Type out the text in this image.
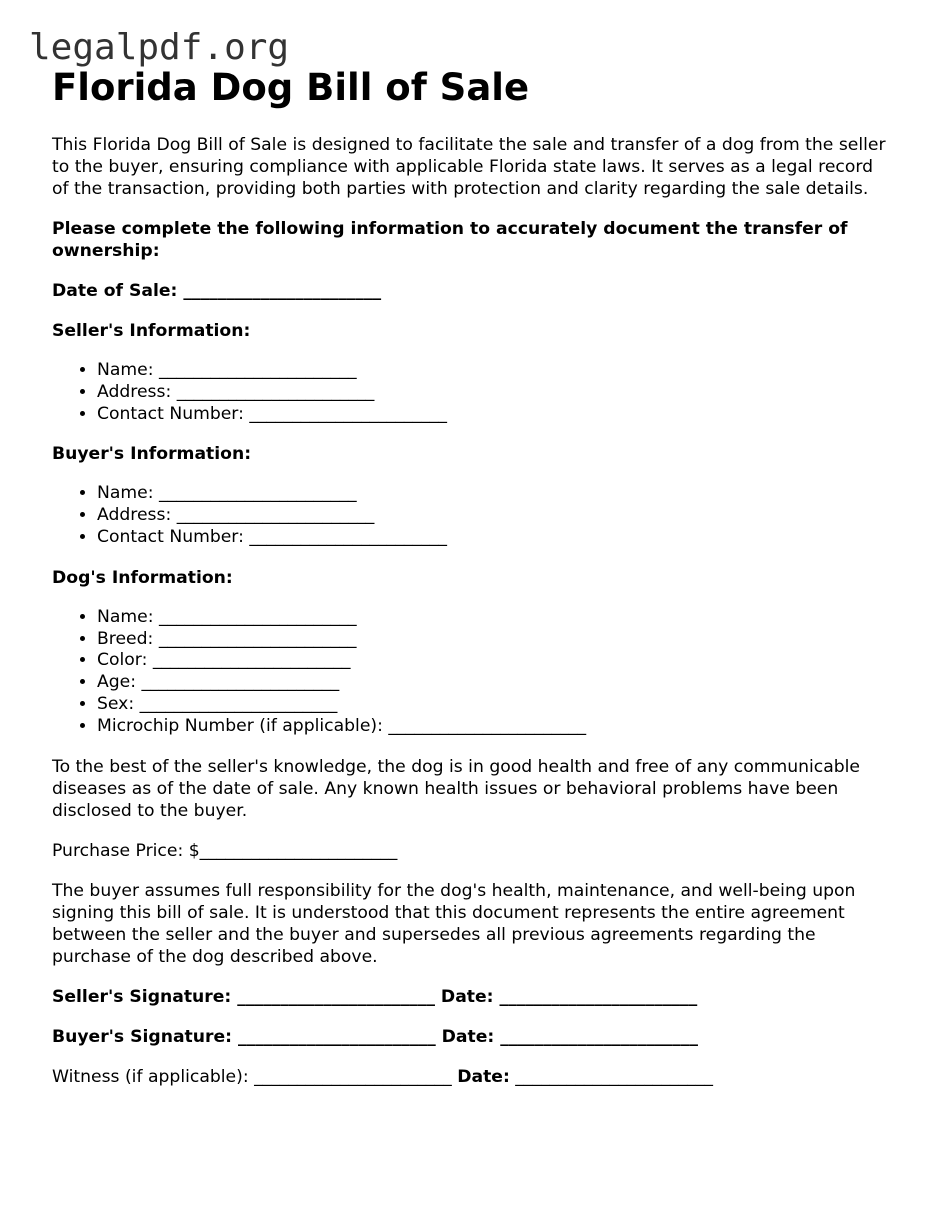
legalpdf.org
Florida Dog Bill of Sale

This Florida Dog Bill of Sale is designed to facilitate the sale and transfer of a dog from the seller to the buyer, ensuring compliance with applicable Florida state laws. It serves as a legal record of the transaction, providing both parties with protection and clarity regarding the sale details.

Please complete the following information to accurately document the transfer of ownership:

Date of Sale: _______________________

Seller's Information:

• Name: _______________________
• Address: _______________________
• Contact Number: _______________________

Buyer's Information:

• Name: _______________________
• Address: _______________________
• Contact Number: _______________________

Dog's Information:

• Name: _______________________
• Breed: _______________________
• Color: _______________________
• Age: _______________________
• Sex: _______________________
• Microchip Number (if applicable): _______________________

To the best of the seller's knowledge, the dog is in good health and free of any communicable diseases as of the date of sale. Any known health issues or behavioral problems have been disclosed to the buyer.

Purchase Price: $_______________________

The buyer assumes full responsibility for the dog's health, maintenance, and well-being upon signing this bill of sale. It is understood that this document represents the entire agreement between the seller and the buyer and supersedes all previous agreements regarding the purchase of the dog described above.

Seller's Signature: _______________________ Date: _______________________

Buyer's Signature: _______________________ Date: _______________________

Witness (if applicable): _______________________ Date: _______________________
